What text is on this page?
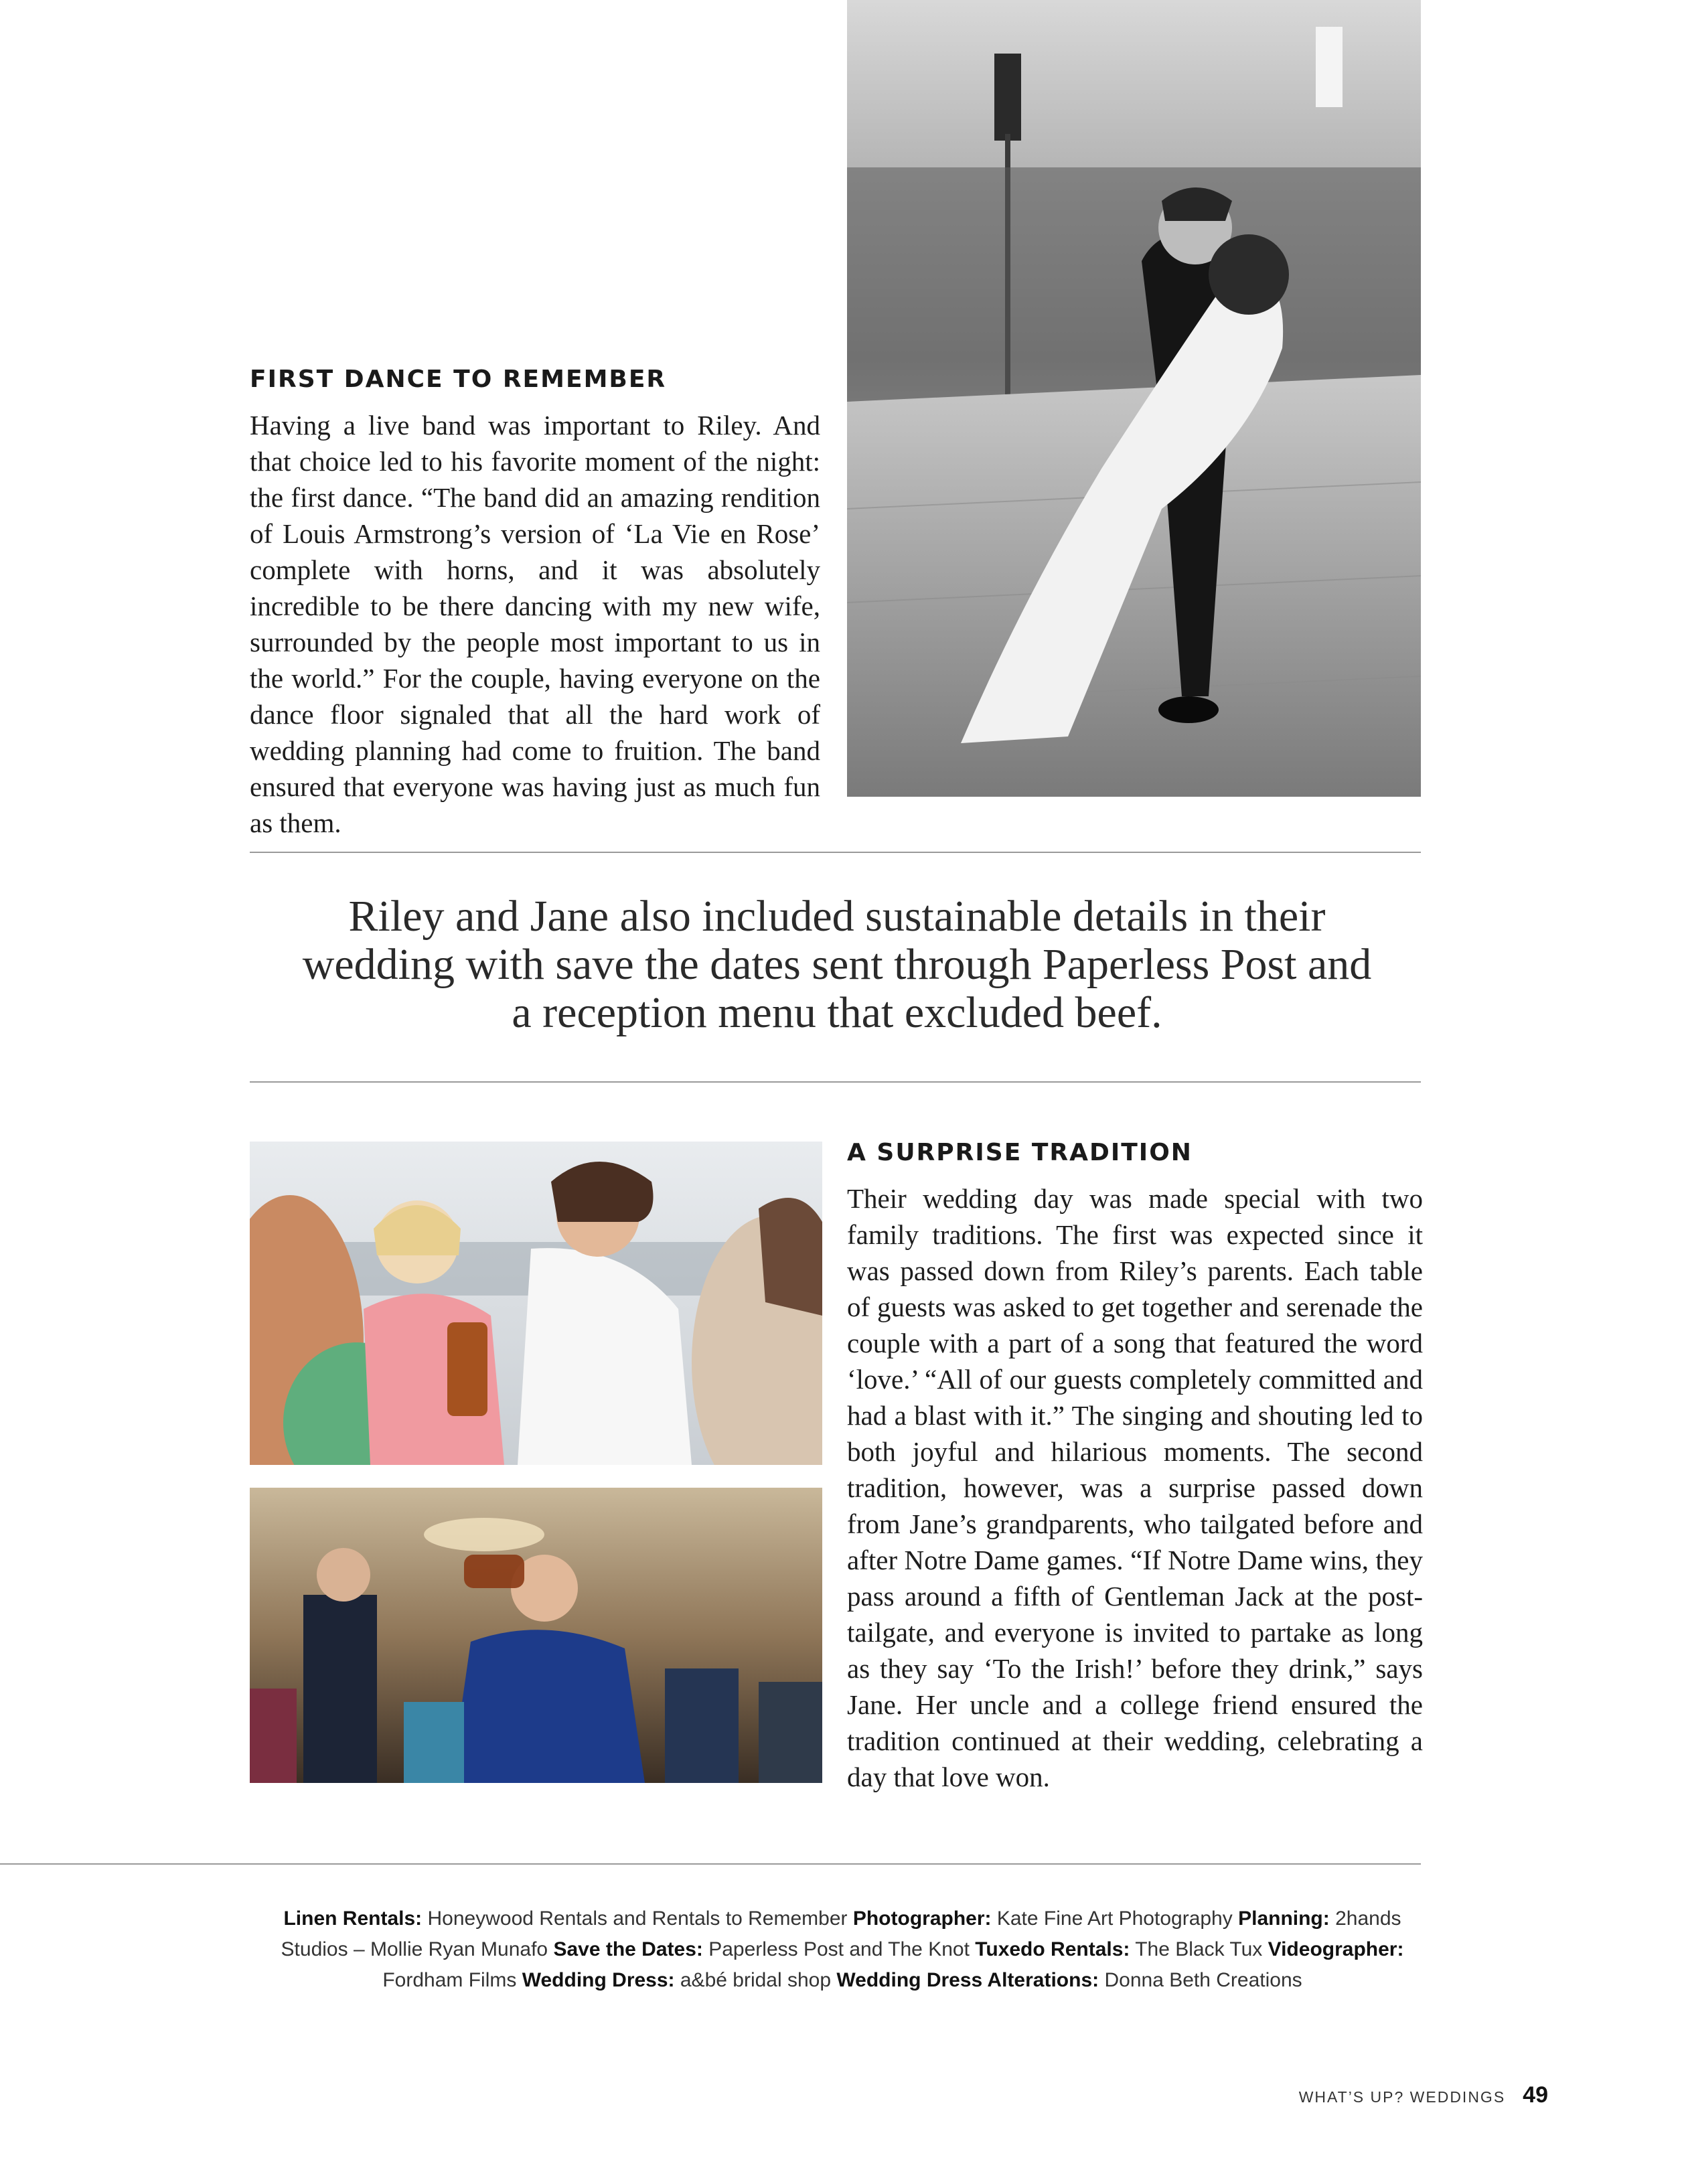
FIRST DANCE TO REMEMBER

Having a live band was important to Riley. And that choice led to his favorite moment of the night: the first dance. “The band did an amazing rendition of Louis Armstrong’s version of ‘La Vie en Rose’ complete with horns, and it was absolutely incredible to be there dancing with my new wife, surrounded by the people most important to us in the world.” For the couple, having everyone on the dance floor signaled that all the hard work of wedding planning had come to fruition. The band ensured that everyone was having just as much fun as them.

Riley and Jane also included sustainable details in their wedding with save the dates sent through Paperless Post and a reception menu that excluded beef.

A SURPRISE TRADITION

Their wedding day was made special with two family traditions. The first was expected since it was passed down from Riley’s parents. Each table of guests was asked to get together and serenade the couple with a part of a song that featured the word ‘love.’ “All of our guests completely committed and had a blast with it.” The singing and shouting led to both joyful and hilarious moments. The second tradition, however, was a surprise passed down from Jane’s grandparents, who tailgated before and after Notre Dame games. “If Notre Dame wins, they pass around a fifth of Gentleman Jack at the post-tailgate, and everyone is invited to partake as long as they say ‘To the Irish!’ before they drink,” says Jane. Her uncle and a college friend ensured the tradition continued at their wedding, celebrating a day that love won.

Linen Rentals: Honeywood Rentals and Rentals to Remember Photographer: Kate Fine Art Photography Planning: 2hands Studios – Mollie Ryan Munafo Save the Dates: Paperless Post and The Knot Tuxedo Rentals: The Black Tux Videographer: Fordham Films Wedding Dress: a&bé bridal shop Wedding Dress Alterations: Donna Beth Creations
WHAT’S UP? WEDDINGS 49
